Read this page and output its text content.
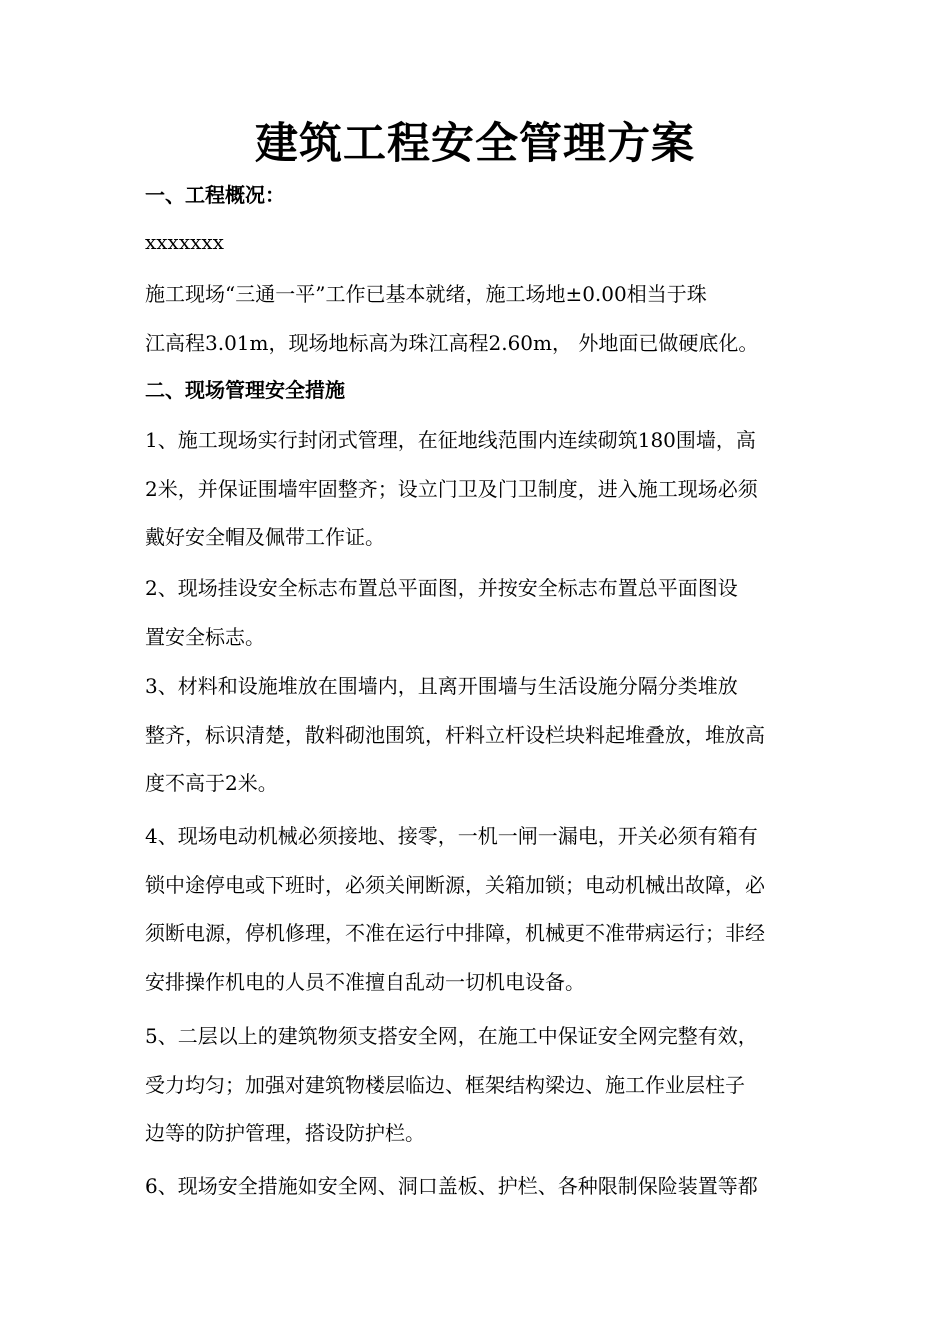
建筑工程安全管理方案
一、工程概况：
xxxxxxx
施工现场“三通一平”工作已基本就绪，施工场地±0.00相当于珠
江高程3.01m，现场地标高为珠江高程2.60m， 外地面已做硬底化。
二、现场管理安全措施
1、施工现场实行封闭式管理，在征地线范围内连续砌筑180围墙，高
2米，并保证围墙牢固整齐；设立门卫及门卫制度，进入施工现场必须
戴好安全帽及佩带工作证。
2、现场挂设安全标志布置总平面图，并按安全标志布置总平面图设
置安全标志。
3、材料和设施堆放在围墙内，且离开围墙与生活设施分隔分类堆放
整齐，标识清楚，散料砌池围筑，杆料立杆设栏块料起堆叠放，堆放高
度不高于2米。
4、现场电动机械必须接地、接零，一机一闸一漏电，开关必须有箱有
锁中途停电或下班时，必须关闸断源，关箱加锁；电动机械出故障，必
须断电源，停机修理，不准在运行中排障，机械更不准带病运行；非经
安排操作机电的人员不准擅自乱动一切机电设备。
5、二层以上的建筑物须支搭安全网，在施工中保证安全网完整有效，
受力均匀；加强对建筑物楼层临边、框架结构梁边、施工作业层柱子
边等的防护管理，搭设防护栏。
6、现场安全措施如安全网、洞口盖板、护栏、各种限制保险装置等都
